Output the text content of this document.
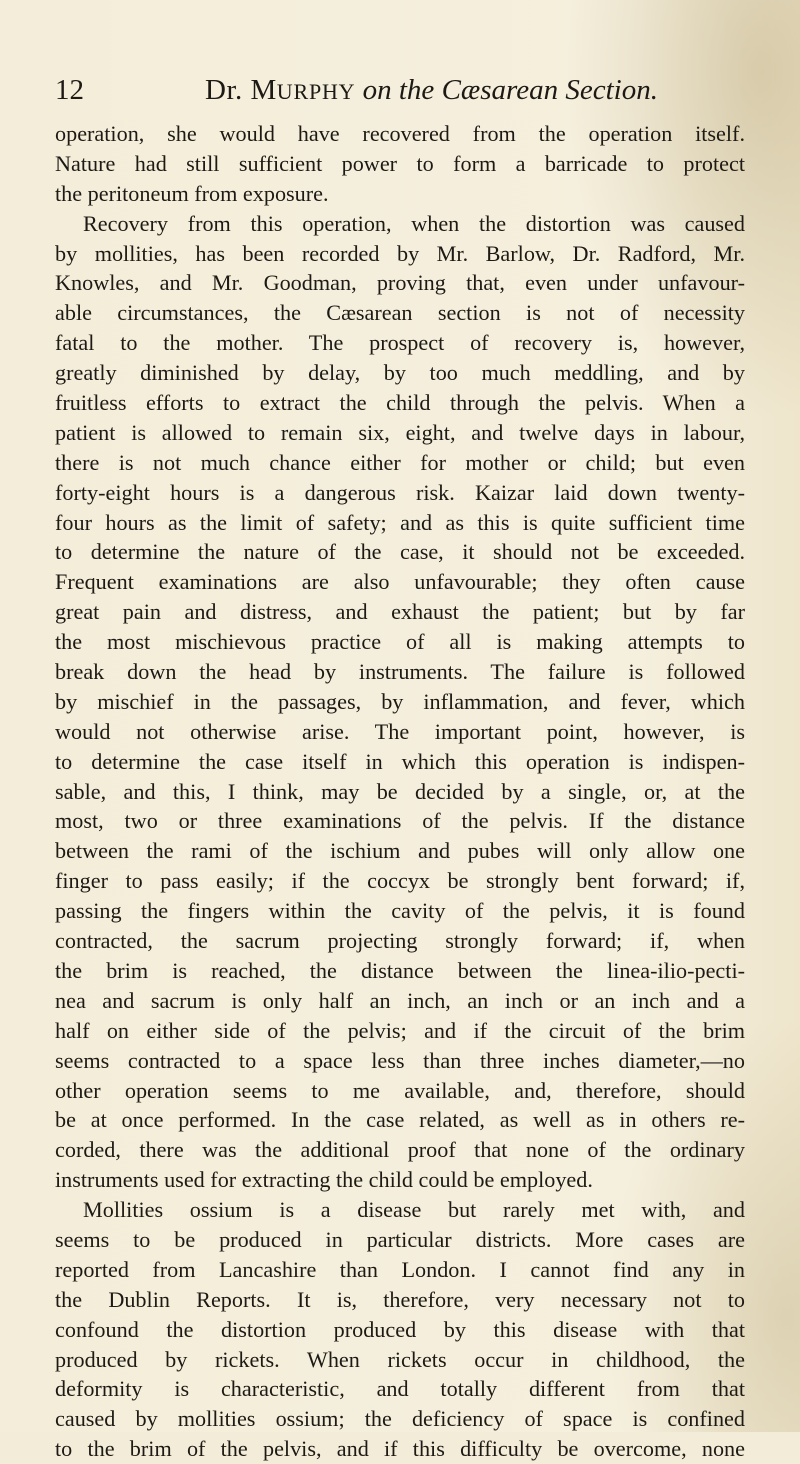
12	Dr. MURPHY on the Cæsarean Section.
operation, she would have recovered from the operation itself.
Nature had still sufficient power to form a barricade to protect
the peritoneum from exposure.
Recovery from this operation, when the distortion was caused
by mollities, has been recorded by Mr. Barlow, Dr. Radford, Mr.
Knowles, and Mr. Goodman, proving that, even under unfavour-
able circumstances, the Cæsarean section is not of necessity
fatal to the mother. The prospect of recovery is, however,
greatly diminished by delay, by too much meddling, and by
fruitless efforts to extract the child through the pelvis. When a
patient is allowed to remain six, eight, and twelve days in labour,
there is not much chance either for mother or child; but even
forty-eight hours is a dangerous risk. Kaizar laid down twenty-
four hours as the limit of safety; and as this is quite sufficient time
to determine the nature of the case, it should not be exceeded.
Frequent examinations are also unfavourable; they often cause
great pain and distress, and exhaust the patient; but by far
the most mischievous practice of all is making attempts to
break down the head by instruments. The failure is followed
by mischief in the passages, by inflammation, and fever, which
would not otherwise arise. The important point, however, is
to determine the case itself in which this operation is indispen-
sable, and this, I think, may be decided by a single, or, at the
most, two or three examinations of the pelvis. If the distance
between the rami of the ischium and pubes will only allow one
finger to pass easily; if the coccyx be strongly bent forward; if,
passing the fingers within the cavity of the pelvis, it is found
contracted, the sacrum projecting strongly forward; if, when
the brim is reached, the distance between the linea-ilio-pecti-
nea and sacrum is only half an inch, an inch or an inch and a
half on either side of the pelvis; and if the circuit of the brim
seems contracted to a space less than three inches diameter,—no
other operation seems to me available, and, therefore, should
be at once performed. In the case related, as well as in others re-
corded, there was the additional proof that none of the ordinary
instruments used for extracting the child could be employed.
Mollities ossium is a disease but rarely met with, and
seems to be produced in particular districts. More cases are
reported from Lancashire than London. I cannot find any in
the Dublin Reports. It is, therefore, very necessary not to
confound the distortion produced by this disease with that
produced by rickets. When rickets occur in childhood, the
deformity is characteristic, and totally different from that
caused by mollities ossium; the deficiency of space is confined
to the brim of the pelvis, and if this difficulty be overcome, none
